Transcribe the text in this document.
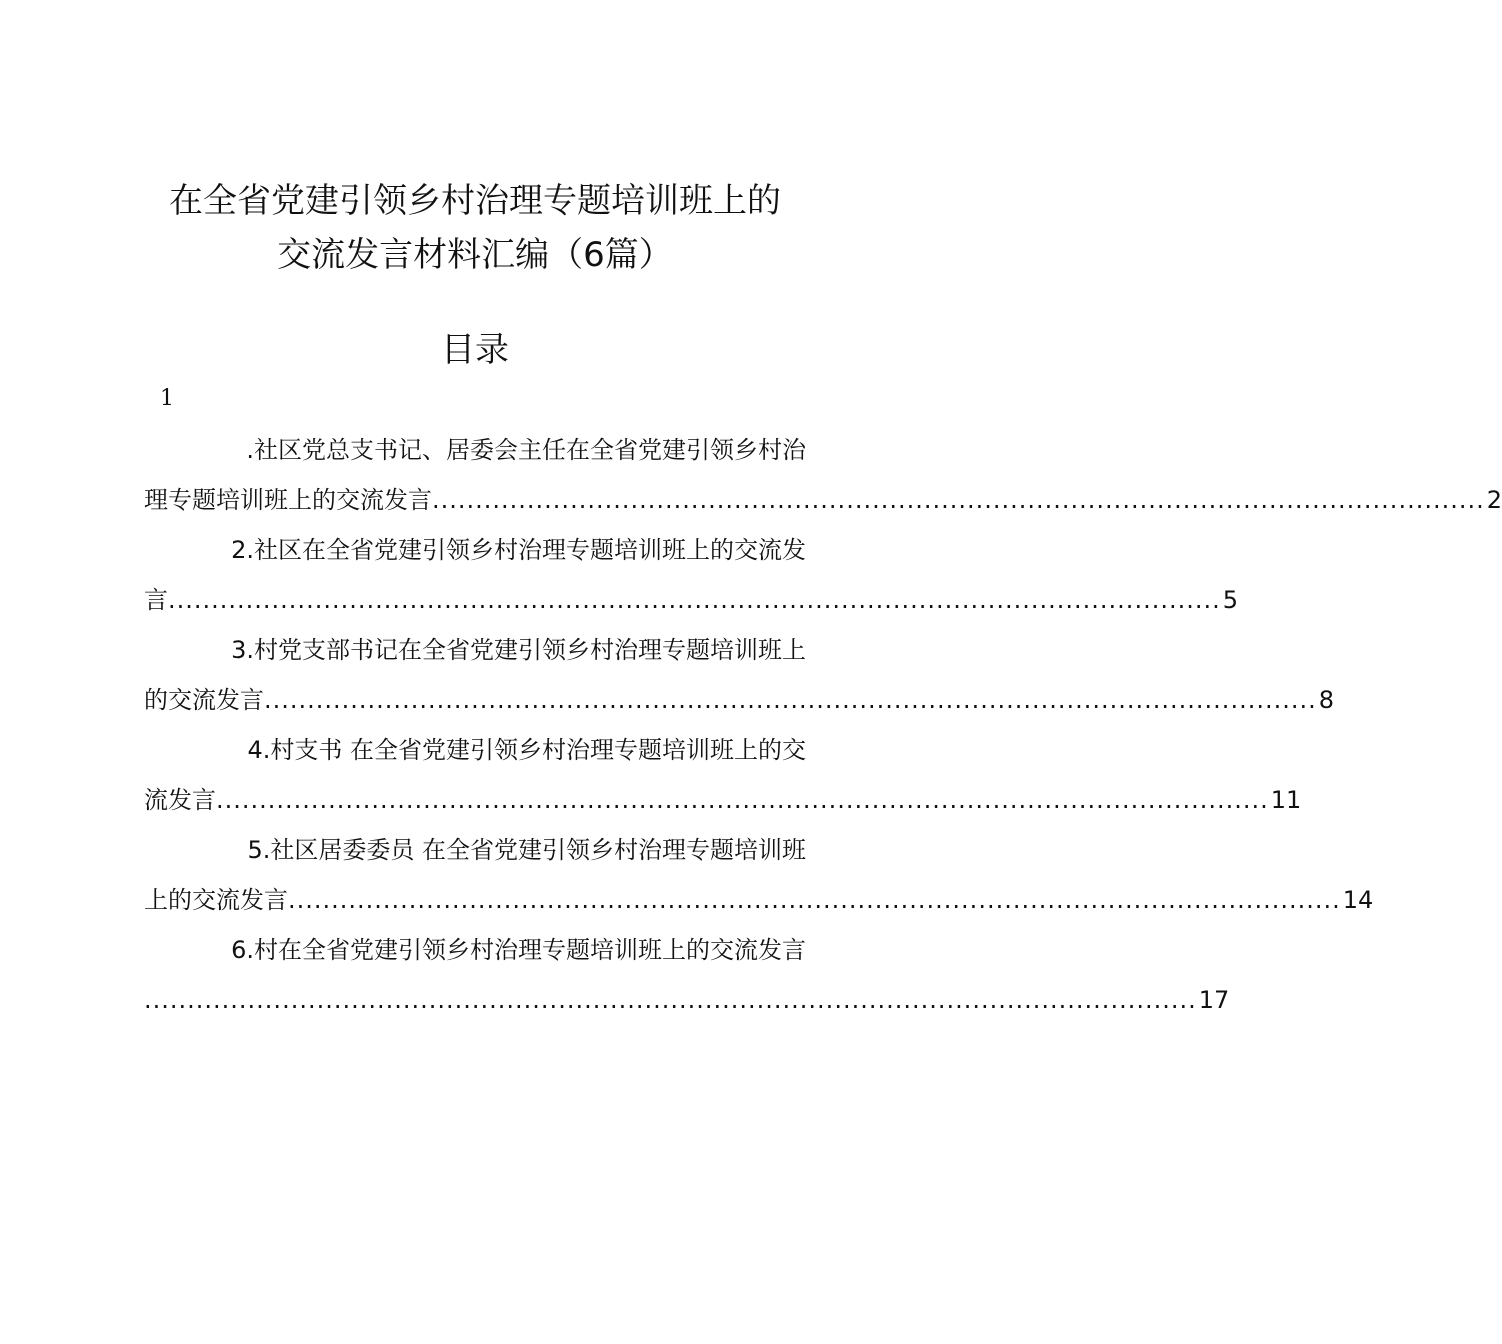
在全省党建引领乡村治理专题培训班上的
交流发言材料汇编（6篇）
目录
1
.社区党总支书记、居委会主任在全省党建引领乡村治
理专题培训班上的交流发言 .......................................................................................................................... 2
2.社区在全省党建引领乡村治理专题培训班上的交流发
言 .......................................................................................................................... 5
3.村党支部书记在全省党建引领乡村治理专题培训班上
的交流发言 .......................................................................................................................... 8
4.村支书 在全省党建引领乡村治理专题培训班上的交
流发言 .......................................................................................................................... 11
5.社区居委委员 在全省党建引领乡村治理专题培训班
上的交流发言 .......................................................................................................................... 14
6.村在全省党建引领乡村治理专题培训班上的交流发言
.......................................................................................................................... 17
